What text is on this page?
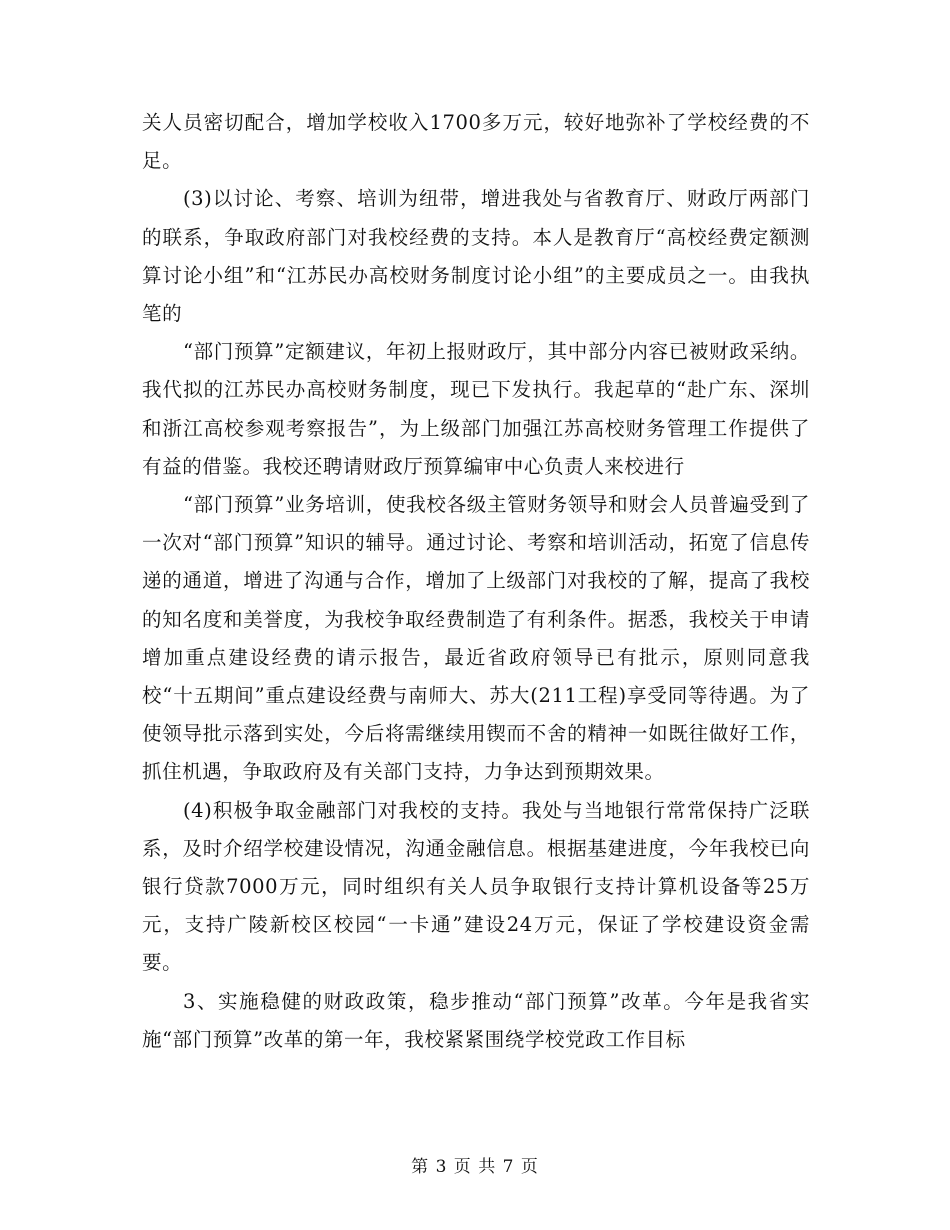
关人员密切配合，增加学校收入1700多万元，较好地弥补了学校经费的不足。

(3)以讨论、考察、培训为纽带，增进我处与省教育厅、财政厅两部门的联系，争取政府部门对我校经费的支持。本人是教育厅“高校经费定额测算讨论小组”和“江苏民办高校财务制度讨论小组”的主要成员之一。由我执笔的

“部门预算”定额建议，年初上报财政厅，其中部分内容已被财政采纳。我代拟的江苏民办高校财务制度，现已下发执行。我起草的“赴广东、深圳和浙江高校参观考察报告”，为上级部门加强江苏高校财务管理工作提供了有益的借鉴。我校还聘请财政厅预算编审中心负责人来校进行

“部门预算”业务培训，使我校各级主管财务领导和财会人员普遍受到了一次对“部门预算”知识的辅导。通过讨论、考察和培训活动，拓宽了信息传递的通道，增进了沟通与合作，增加了上级部门对我校的了解，提高了我校的知名度和美誉度，为我校争取经费制造了有利条件。据悉，我校关于申请增加重点建设经费的请示报告，最近省政府领导已有批示，原则同意我校“十五期间”重点建设经费与南师大、苏大(211工程)享受同等待遇。为了使领导批示落到实处，今后将需继续用锲而不舍的精神一如既往做好工作，抓住机遇，争取政府及有关部门支持，力争达到预期效果。

(4)积极争取金融部门对我校的支持。我处与当地银行常常保持广泛联系，及时介绍学校建设情况，沟通金融信息。根据基建进度，今年我校已向银行贷款7000万元，同时组织有关人员争取银行支持计算机设备等25万元，支持广陵新校区校园“一卡通”建设24万元，保证了学校建设资金需要。

3、实施稳健的财政政策，稳步推动“部门预算”改革。今年是我省实施“部门预算”改革的第一年，我校紧紧围绕学校党政工作目标

第 3 页 共 7 页
